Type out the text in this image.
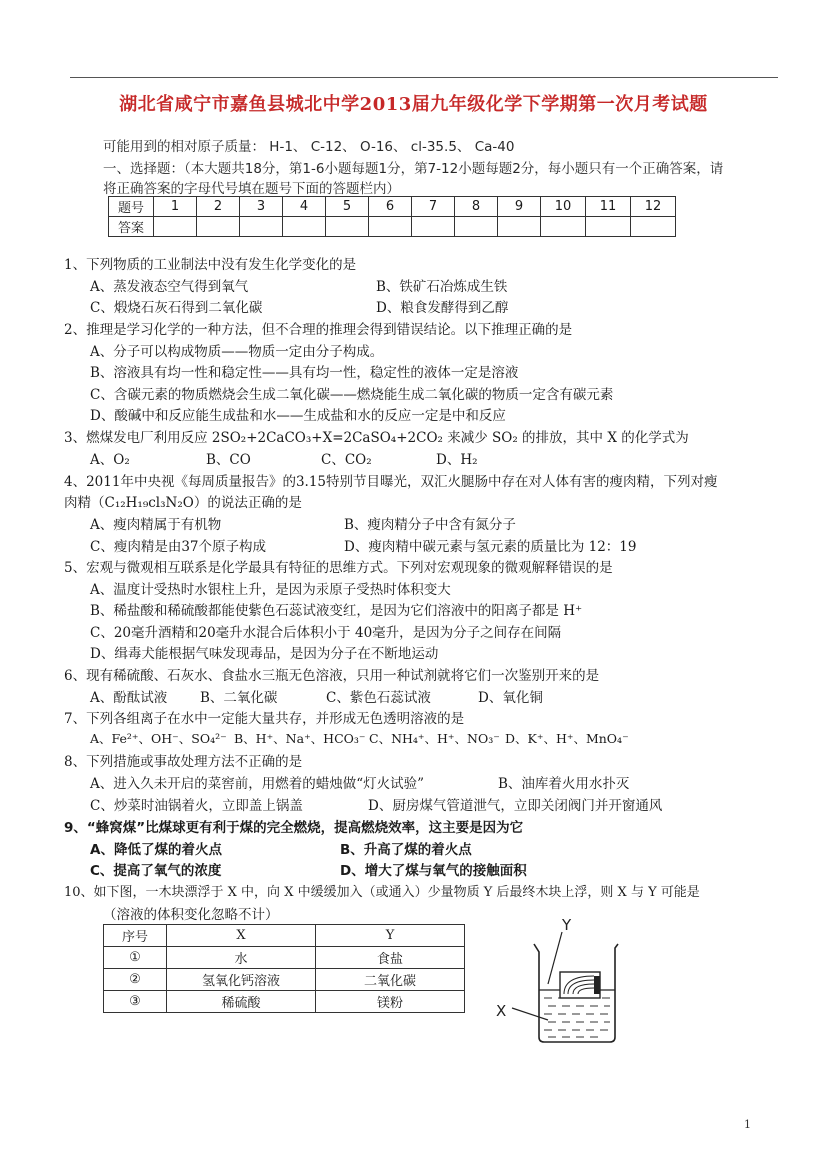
湖北省咸宁市嘉鱼县城北中学2013届九年级化学下学期第一次月考试题
可能用到的相对原子质量： H-1、 C-12、 O-16、 cl-35.5、 Ca-40
一、选择题：（本大题共18分，第1-6小题每题1分，第7-12小题每题2分，每小题只有一个正确答案，请
将正确答案的字母代号填在题号下面的答题栏内）
题号	1	2	3	4	5	6	7	8	9	10	11	12
答案												
1、下列物质的工业制法中没有发生化学变化的是
A、蒸发液态空气得到氧气	B、铁矿石冶炼成生铁
C、煅烧石灰石得到二氧化碳	D、粮食发酵得到乙醇
2、推理是学习化学的一种方法，但不合理的推理会得到错误结论。以下推理正确的是
A、分子可以构成物质——物质一定由分子构成。
B、溶液具有均一性和稳定性——具有均一性，稳定性的液体一定是溶液
C、含碳元素的物质燃烧会生成二氧化碳——燃烧能生成二氧化碳的物质一定含有碳元素
D、酸碱中和反应能生成盐和水——生成盐和水的反应一定是中和反应
3、燃煤发电厂利用反应 2SO₂+2CaCO₃+X=2CaSO₄+2CO₂ 来减少 SO₂ 的排放，其中 X 的化学式为
A、O₂	B、CO	C、CO₂	D、H₂
4、2011年中央视《每周质量报告》的3.15特别节目曝光，双汇火腿肠中存在对人体有害的瘦肉精，下列对瘦
肉精（C₁₂H₁₉cl₃N₂O）的说法正确的是
A、瘦肉精属于有机物	B、瘦肉精分子中含有氮分子
C、瘦肉精是由37个原子构成	D、瘦肉精中碳元素与氢元素的质量比为 12：19
5、宏观与微观相互联系是化学最具有特征的思维方式。下列对宏观现象的微观解释错误的是
A、温度计受热时水银柱上升，是因为汞原子受热时体积变大
B、稀盐酸和稀硫酸都能使紫色石蕊试液变红，是因为它们溶液中的阳离子都是 H⁺
C、20毫升酒精和20毫升水混合后体积小于 40毫升，是因为分子之间存在间隔
D、缉毒犬能根据气味发现毒品，是因为分子在不断地运动
6、现有稀硫酸、石灰水、食盐水三瓶无色溶液，只用一种试剂就将它们一次鉴别开来的是
A、酚酞试液 B、二氧化碳	C、紫色石蕊试液	D、氧化铜
7、下列各组离子在水中一定能大量共存，并形成无色透明溶液的是
A、Fe²⁺、OH⁻、SO₄²⁻ B、H⁺、Na⁺、HCO₃⁻ C、NH₄⁺、H⁺、NO₃⁻ D、K⁺、H⁺、MnO₄⁻
8、下列措施或事故处理方法不正确的是
A、进入久未开启的菜窖前，用燃着的蜡烛做“灯火试验”	B、油库着火用水扑灭
C、炒菜时油锅着火，立即盖上锅盖	D、厨房煤气管道泄气，立即关闭阀门并开窗通风
9、“蜂窝煤”比煤球更有利于煤的完全燃烧，提高燃烧效率，这主要是因为它
A、降低了煤的着火点	B、升高了煤的着火点
C、提高了氧气的浓度	D、增大了煤与氧气的接触面积
10、如下图，一木块漂浮于 X 中，向 X 中缓缓加入（或通入）少量物质 Y 后最终木块上浮，则 X 与 Y 可能是
（溶液的体积变化忽略不计）
序号	X	Y
①	水	食盐
②	氢氧化钙溶液	二氧化碳
③	稀硫酸	镁粉
Y
X
1
